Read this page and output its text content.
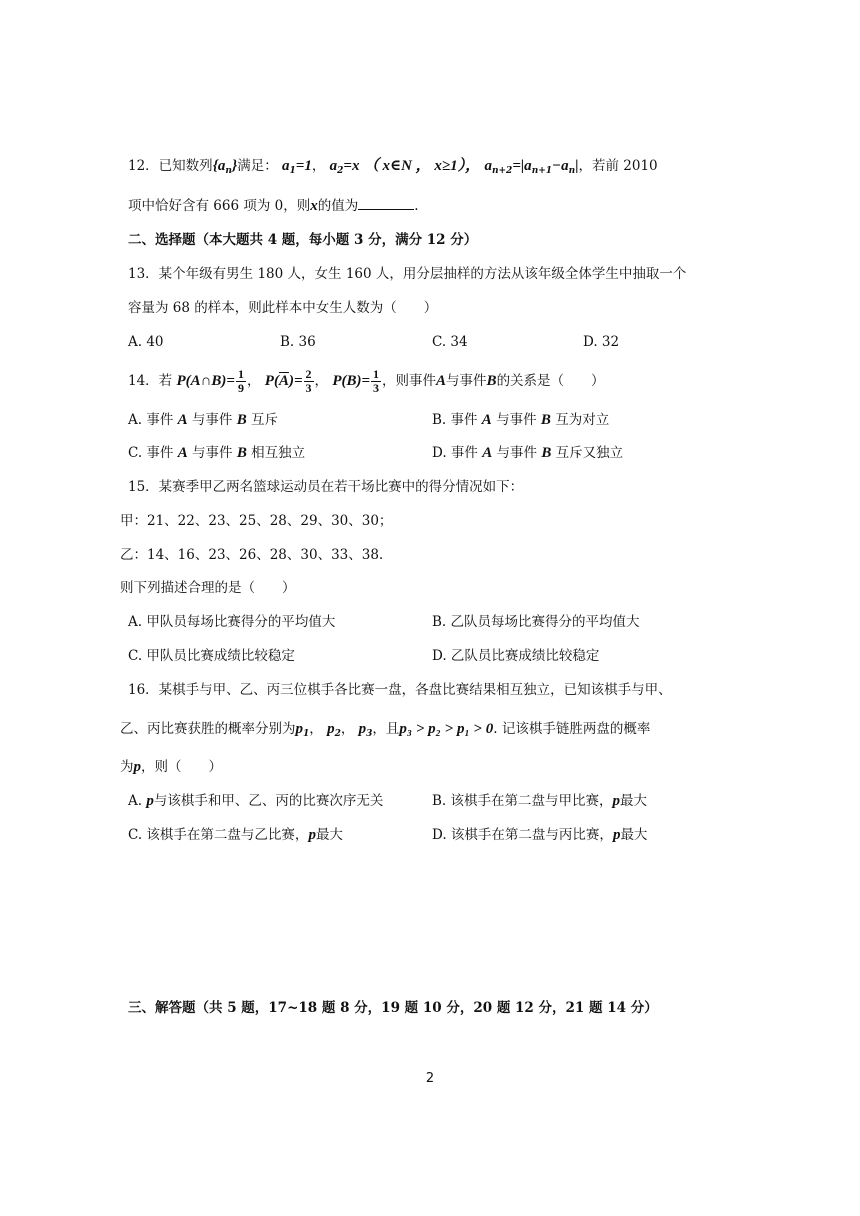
12．已知数列$\{a_n\}$满足： $a_1=1$， $a_2=x$ （ x∈N ， x≥1）， $a_{n+2}=|a_{n+1}-a_n|$，若前 2010
项中恰好含有 666 项为 0，则x的值为	.
二、选择题（本大题共 4 题，每小题 3 分，满分 12 分）
13．某个年级有男生 180 人，女生 160 人，用分层抽样的方法从该年级全体学生中抽取一个
容量为 68 的样本，则此样本中女生人数为（　　）
A. 40	B. 36	C. 34	D. 32
14．若 P(A∩B)= $\frac{1}{9}$ ， $P(\overline{A})= \frac{2}{3}$ ， $P(B)= \frac{1}{3}$ ，则事件A与事件B的关系是（　　）
A. 事件 A 与事件 B 互斥	B. 事件 A 与事件 B 互为对立
C. 事件 A 与事件 B 相互独立	D. 事件 A 与事件 B 互斥又独立
15．某赛季甲乙两名篮球运动员在若干场比赛中的得分情况如下：
甲：21、22、23、25、28、29、30、30；
乙：14、16、23、26、28、30、33、38.
则下列描述合理的是（　　）
A. 甲队员每场比赛得分的平均值大	B. 乙队员每场比赛得分的平均值大
C. 甲队员比赛成绩比较稳定	D. 乙队员比赛成绩比较稳定
16．某棋手与甲、乙、丙三位棋手各比赛一盘，各盘比赛结果相互独立，已知该棋手与甲、
乙、丙比赛获胜的概率分别为$p_1$， $p_2$， $p_3$，且p₃ > p₂ > p₁ > 0. 记该棋手链胜两盘的概率
为p，则（　　）
A. p与该棋手和甲、乙、丙的比赛次序无关	B. 该棋手在第二盘与甲比赛，p最大
C. 该棋手在第二盘与乙比赛，p最大	D. 该棋手在第二盘与丙比赛，p最大
三、解答题（共 5 题，17~18 题 8 分，19 题 10 分，20 题 12 分，21 题 14 分）
2
